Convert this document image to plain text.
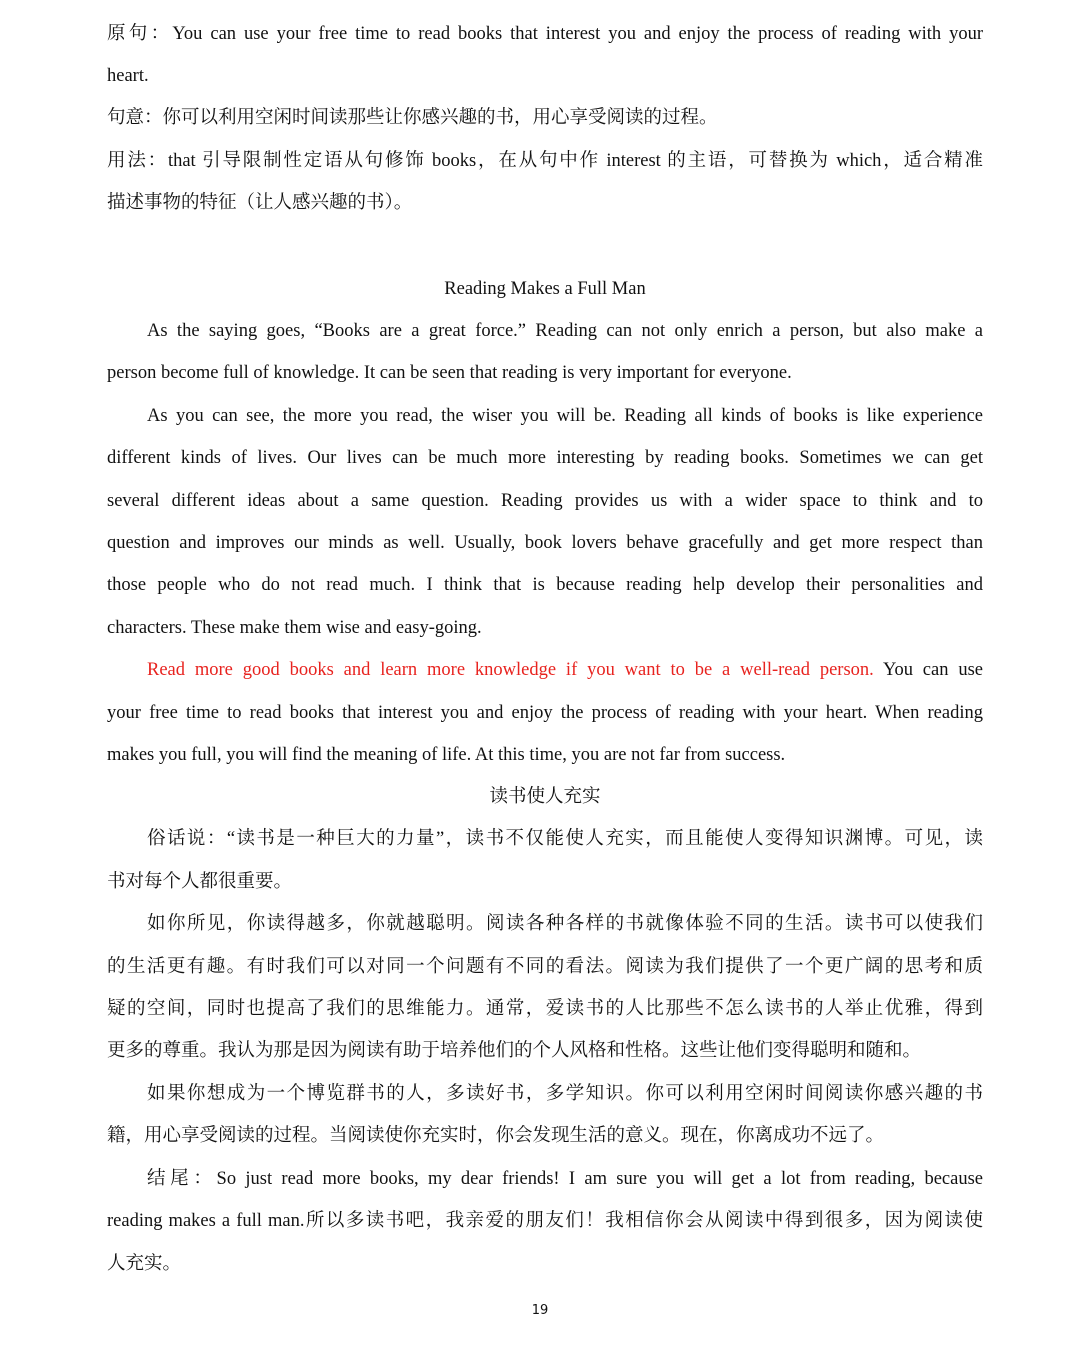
原句：You can use your free time to read books that interest you and enjoy the process of reading with your
heart.
句意：你可以利用空闲时间读那些让你感兴趣的书，用心享受阅读的过程。
用法：that 引导限制性定语从句修饰 books，在从句中作 interest 的主语，可替换为 which，适合精准
描述事物的特征（让人感兴趣的书）。
Reading Makes a Full Man
As the saying goes, “Books are a great force.” Reading can not only enrich a person, but also make a
person become full of knowledge. It can be seen that reading is very important for everyone.
As you can see, the more you read, the wiser you will be. Reading all kinds of books is like experience
different kinds of lives. Our lives can be much more interesting by reading books. Sometimes we can get
several different ideas about a same question. Reading provides us with a wider space to think and to
question and improves our minds as well. Usually, book lovers behave gracefully and get more respect than
those people who do not read much. I think that is because reading help develop their personalities and
characters. These make them wise and easy-going.
Read more good books and learn more knowledge if you want to be a well-read person. You can use
your free time to read books that interest you and enjoy the process of reading with your heart. When reading
makes you full, you will find the meaning of life. At this time, you are not far from success.
读书使人充实
俗话说：“读书是一种巨大的力量”，读书不仅能使人充实，而且能使人变得知识渊博。可见，读
书对每个人都很重要。
如你所见，你读得越多，你就越聪明。阅读各种各样的书就像体验不同的生活。读书可以使我们
的生活更有趣。有时我们可以对同一个问题有不同的看法。阅读为我们提供了一个更广阔的思考和质
疑的空间，同时也提高了我们的思维能力。通常，爱读书的人比那些不怎么读书的人举止优雅，得到
更多的尊重。我认为那是因为阅读有助于培养他们的个人风格和性格。这些让他们变得聪明和随和。
如果你想成为一个博览群书的人，多读好书，多学知识。你可以利用空闲时间阅读你感兴趣的书
籍，用心享受阅读的过程。当阅读使你充实时，你会发现生活的意义。现在，你离成功不远了。
结尾：So just read more books, my dear friends! I am sure you will get a lot from reading, because
reading makes a full man.所以多读书吧，我亲爱的朋友们！我相信你会从阅读中得到很多，因为阅读使
人充实。
19
